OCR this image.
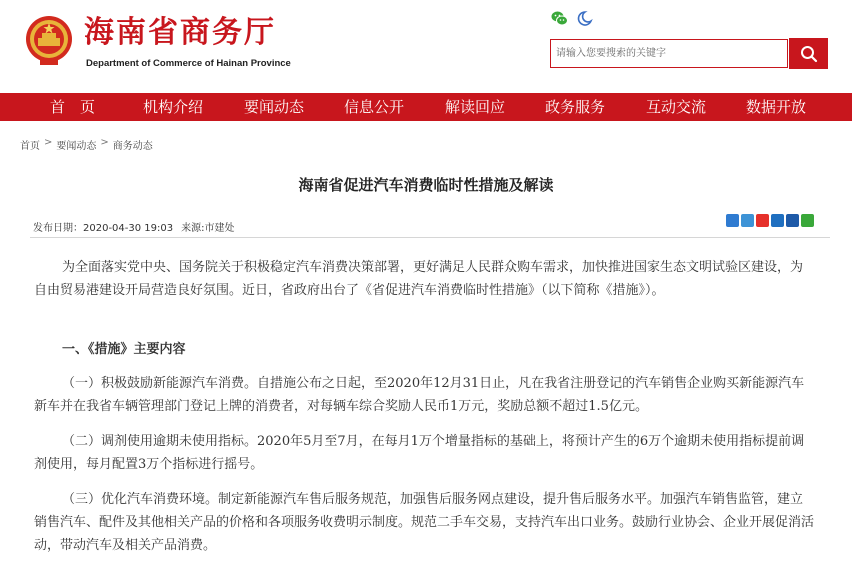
海南省商务厅
Department of Commerce of Hainan Province
请输入您要搜索的关键字
首　页	机构介绍	要闻动态	信息公开	解读回应	政务服务	互动交流	数据开放
首页 > 要闻动态 > 商务动态
海南省促进汽车消费临时性措施及解读
发布日期：2020-04-30 19:03 来源:市建处

为全面落实党中央、国务院关于积极稳定汽车消费决策部署，更好满足人民群众购车需求，加快推进国家生态文明试验区建设，为自由贸易港建设开局营造良好氛围。近日，省政府出台了《省促进汽车消费临时性措施》（以下简称《措施》）。

一、《措施》主要内容

（一）积极鼓励新能源汽车消费。自措施公布之日起，至2020年12月31日止，凡在我省注册登记的汽车销售企业购买新能源汽车新车并在我省车辆管理部门登记上牌的消费者，对每辆车综合奖励人民币1万元，奖励总额不超过1.5亿元。

（二）调剂使用逾期未使用指标。2020年5月至7月，在每月1万个增量指标的基础上，将预计产生的6万个逾期未使用指标提前调剂使用，每月配置3万个指标进行摇号。

（三）优化汽车消费环境。制定新能源汽车售后服务规范，加强售后服务网点建设，提升售后服务水平。加强汽车销售监管，建立销售汽车、配件及其他相关产品的价格和各项服务收费明示制度。规范二手车交易，支持汽车出口业务。鼓励行业协会、企业开展促消活动，带动汽车及相关产品消费。
